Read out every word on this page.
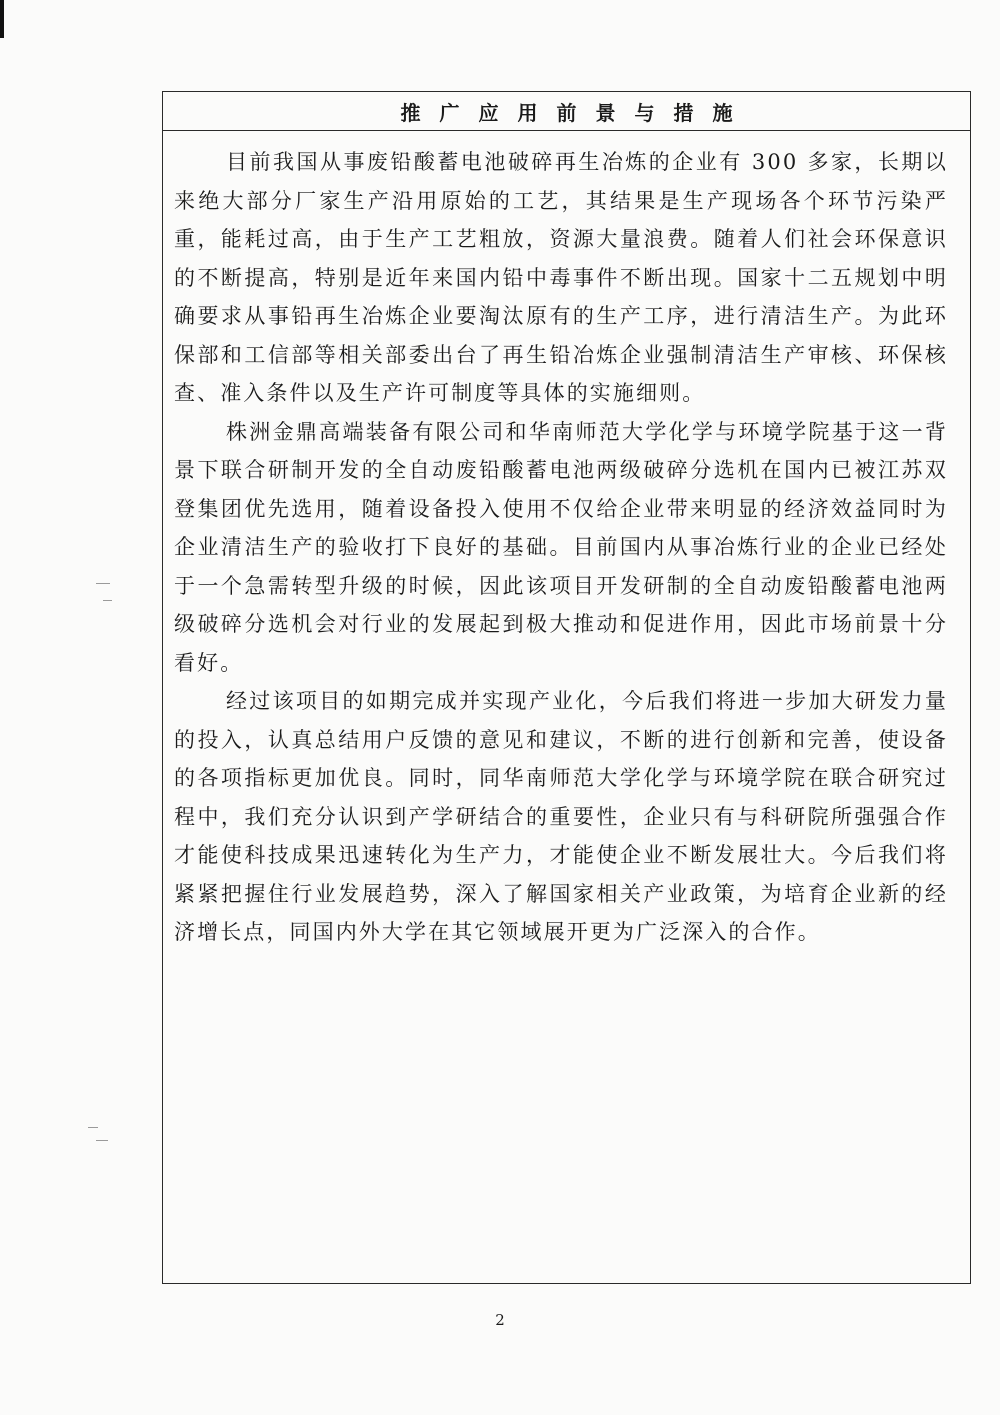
推广应用前景与措施

目前我国从事废铅酸蓄电池破碎再生冶炼的企业有 300 多家，长期以来绝大部分厂家生产沿用原始的工艺，其结果是生产现场各个环节污染严重，能耗过高，由于生产工艺粗放，资源大量浪费。随着人们社会环保意识的不断提高，特别是近年来国内铅中毒事件不断出现。国家十二五规划中明确要求从事铅再生冶炼企业要淘汰原有的生产工序，进行清洁生产。为此环保部和工信部等相关部委出台了再生铅冶炼企业强制清洁生产审核、环保核查、准入条件以及生产许可制度等具体的实施细则。

株洲金鼎高端装备有限公司和华南师范大学化学与环境学院基于这一背景下联合研制开发的全自动废铅酸蓄电池两级破碎分选机在国内已被江苏双登集团优先选用，随着设备投入使用不仅给企业带来明显的经济效益同时为企业清洁生产的验收打下良好的基础。目前国内从事冶炼行业的企业已经处于一个急需转型升级的时候，因此该项目开发研制的全自动废铅酸蓄电池两级破碎分选机会对行业的发展起到极大推动和促进作用，因此市场前景十分看好。

经过该项目的如期完成并实现产业化，今后我们将进一步加大研发力量的投入，认真总结用户反馈的意见和建议，不断的进行创新和完善，使设备的各项指标更加优良。同时，同华南师范大学化学与环境学院在联合研究过程中，我们充分认识到产学研结合的重要性，企业只有与科研院所强强合作才能使科技成果迅速转化为生产力，才能使企业不断发展壮大。今后我们将紧紧把握住行业发展趋势，深入了解国家相关产业政策，为培育企业新的经济增长点，同国内外大学在其它领域展开更为广泛深入的合作。

2
